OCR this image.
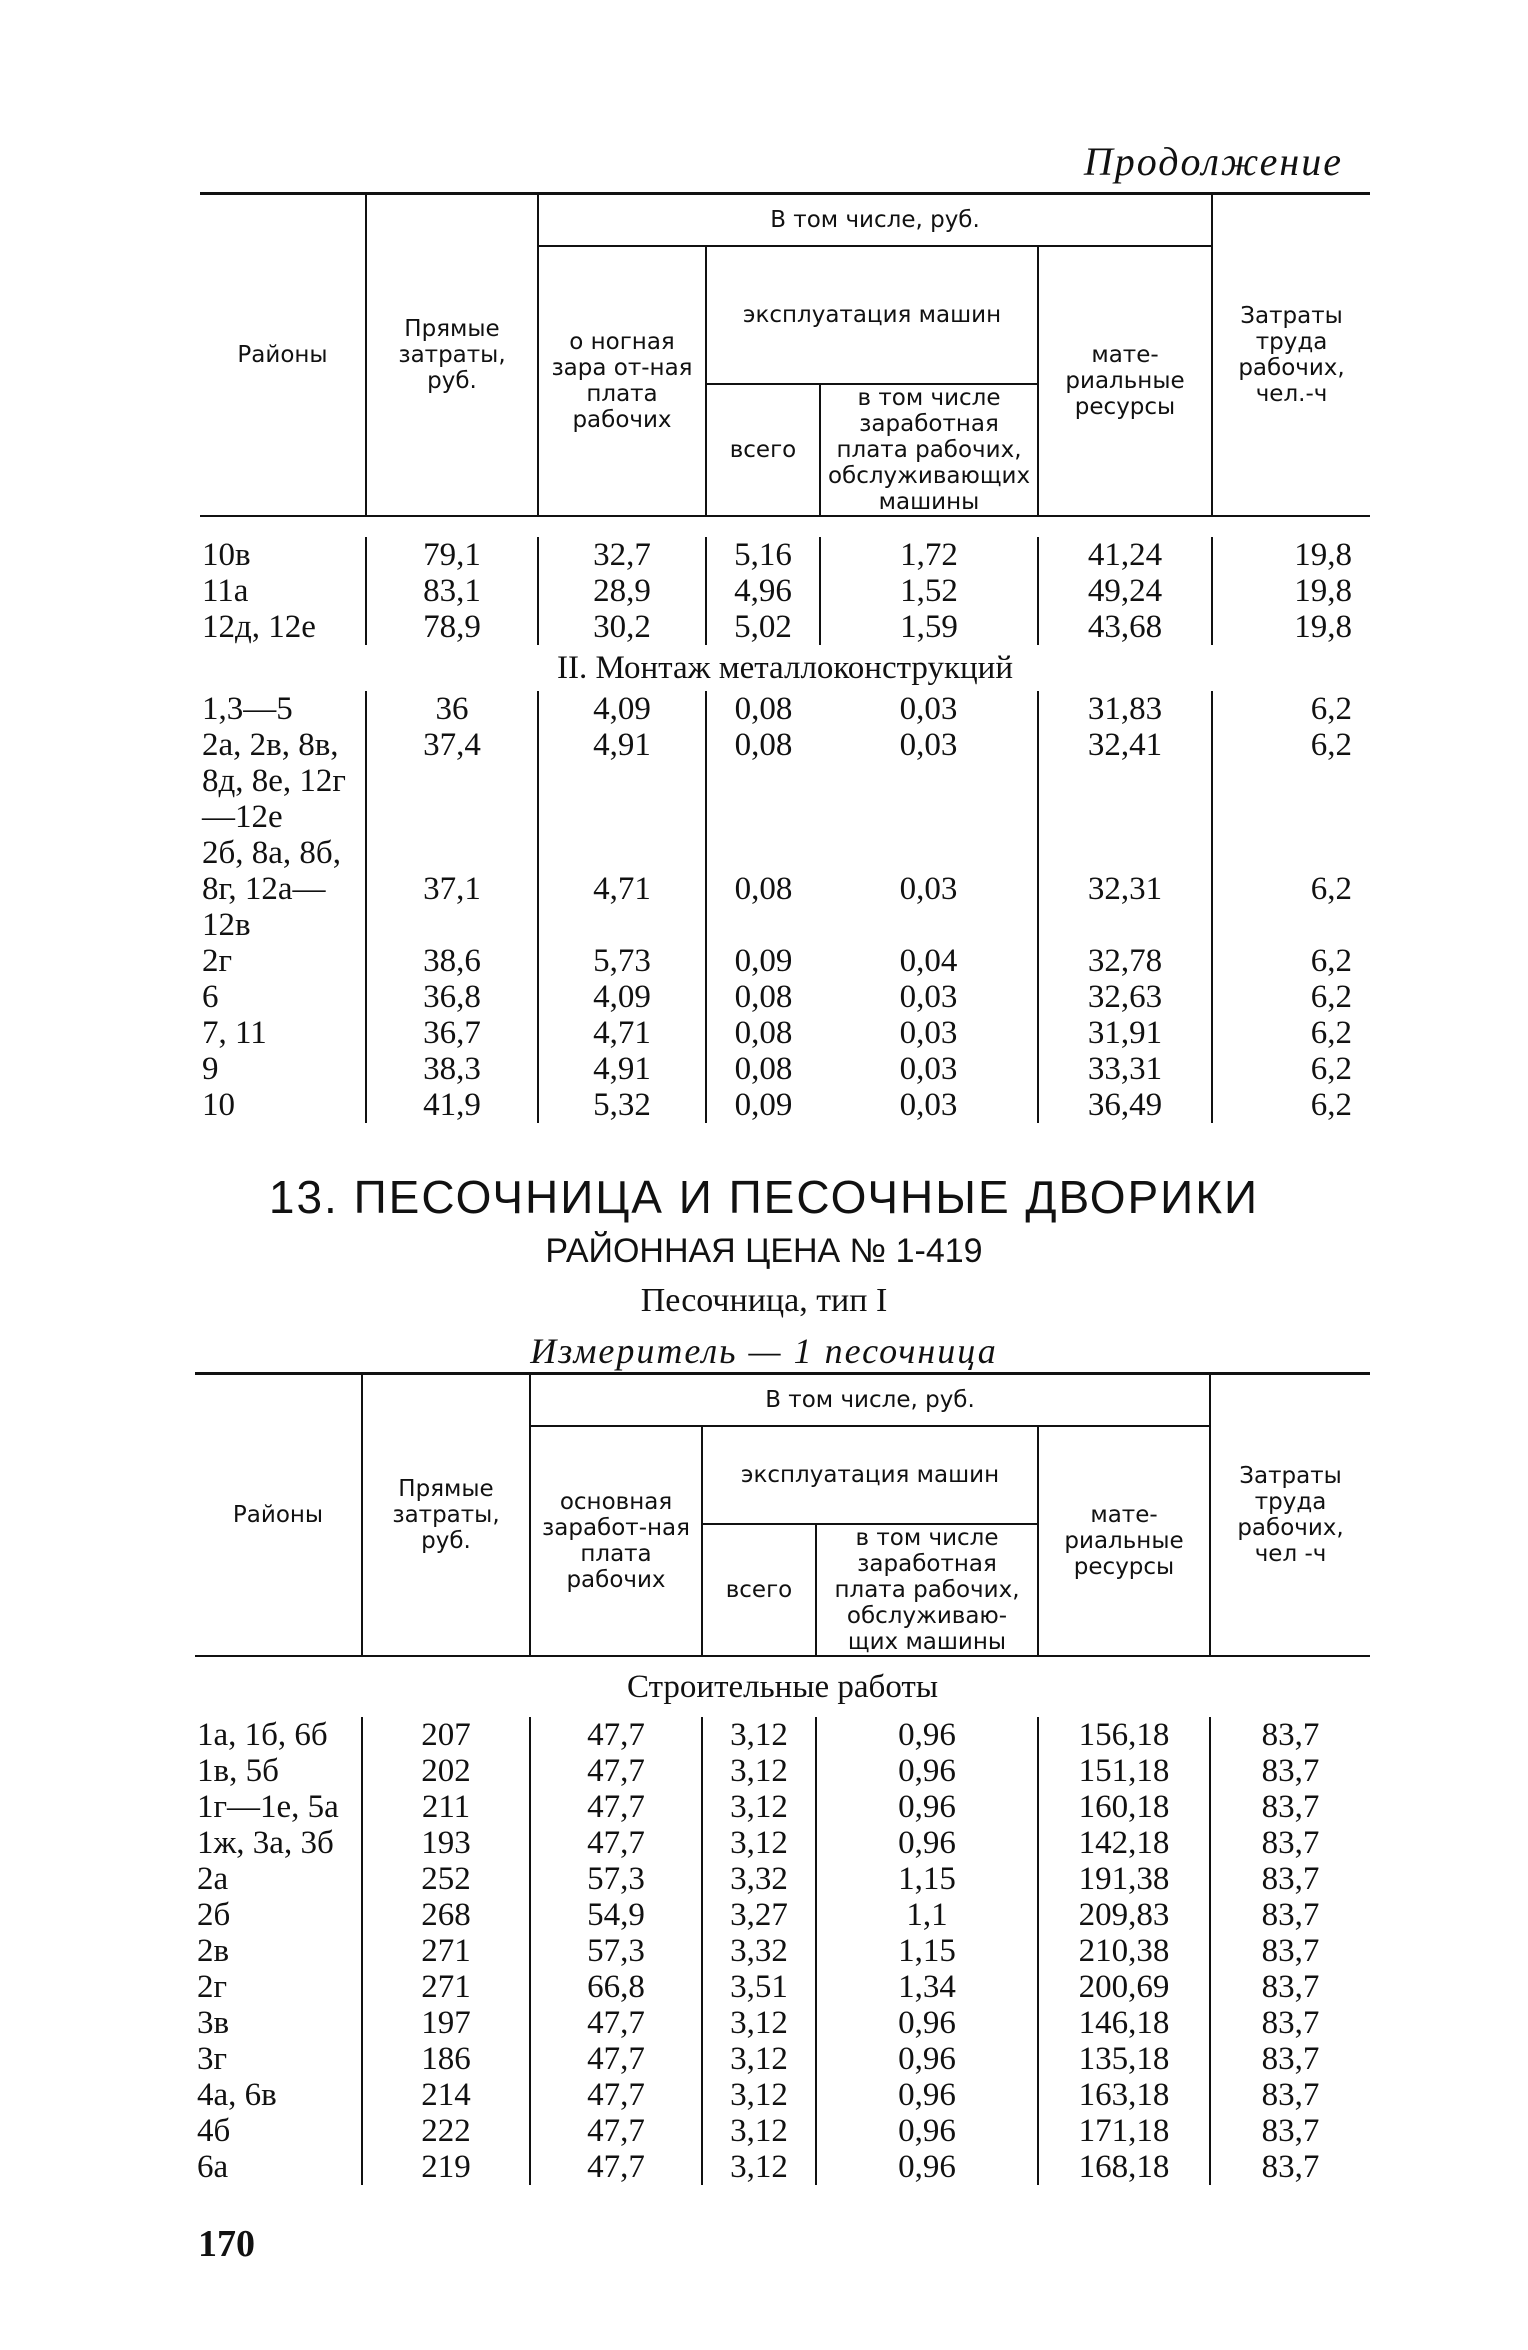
Продолжение
Районы	Прямые затраты, руб.	В том числе, руб.				Затраты труда рабочих, чел.-ч
		о ногная зара от-ная плата рабочих	эксплуатация машин		мате-риальные ресурсы	
			всего	в том числе заработная плата рабочих, обслуживающих машины		

10в	79,1	32,7	5,16	1,72	41,24	19,8
11а	83,1	28,9	4,96	1,52	49,24	19,8
12д, 12е	78,9	30,2	5,02	1,59	43,68	19,8
II. Монтаж металлоконструкций						
1,3—5	36	4,09	0,08	0,03	31,83	6,2
2а, 2в, 8в, 8д, 8е, 12г—12е	37,4	4,91	0,08	0,03	32,41	6,2
2б, 8а, 8б, 8г, 12а—12в	37,1	4,71	0,08	0,03	32,31	6,2
2г	38,6	5,73	0,09	0,04	32,78	6,2
6	36,8	4,09	0,08	0,03	32,63	6,2
7, 11	36,7	4,71	0,08	0,03	31,91	6,2
9	38,3	4,91	0,08	0,03	33,31	6,2
10	41,9	5,32	0,09	0,03	36,49	6,2
13. ПЕСОЧНИЦА И ПЕСОЧНЫЕ ДВОРИКИ
РАЙОННАЯ ЦЕНА № 1-419
Песочница, тип I
Измеритель — 1 песочница
Районы	Прямые затраты, руб.	В том числе, руб.				Затраты труда рабочих, чел -ч
		основная заработ-ная плата рабочих	эксплуатация машин		мате-риальные ресурсы	
			всего	в том числе заработная плата рабочих, обслуживаю-щих машины		
Строительные работы						
1а, 1б, 6б	207	47,7	3,12	0,96	156,18	83,7
1в, 5б	202	47,7	3,12	0,96	151,18	83,7
1г—1е, 5а	211	47,7	3,12	0,96	160,18	83,7
1ж, 3а, 3б	193	47,7	3,12	0,96	142,18	83,7
2а	252	57,3	3,32	1,15	191,38	83,7
2б	268	54,9	3,27	1,1	209,83	83,7
2в	271	57,3	3,32	1,15	210,38	83,7
2г	271	66,8	3,51	1,34	200,69	83,7
3в	197	47,7	3,12	0,96	146,18	83,7
3г	186	47,7	3,12	0,96	135,18	83,7
4а, 6в	214	47,7	3,12	0,96	163,18	83,7
4б	222	47,7	3,12	0,96	171,18	83,7
6а	219	47,7	3,12	0,96	168,18	83,7
170
